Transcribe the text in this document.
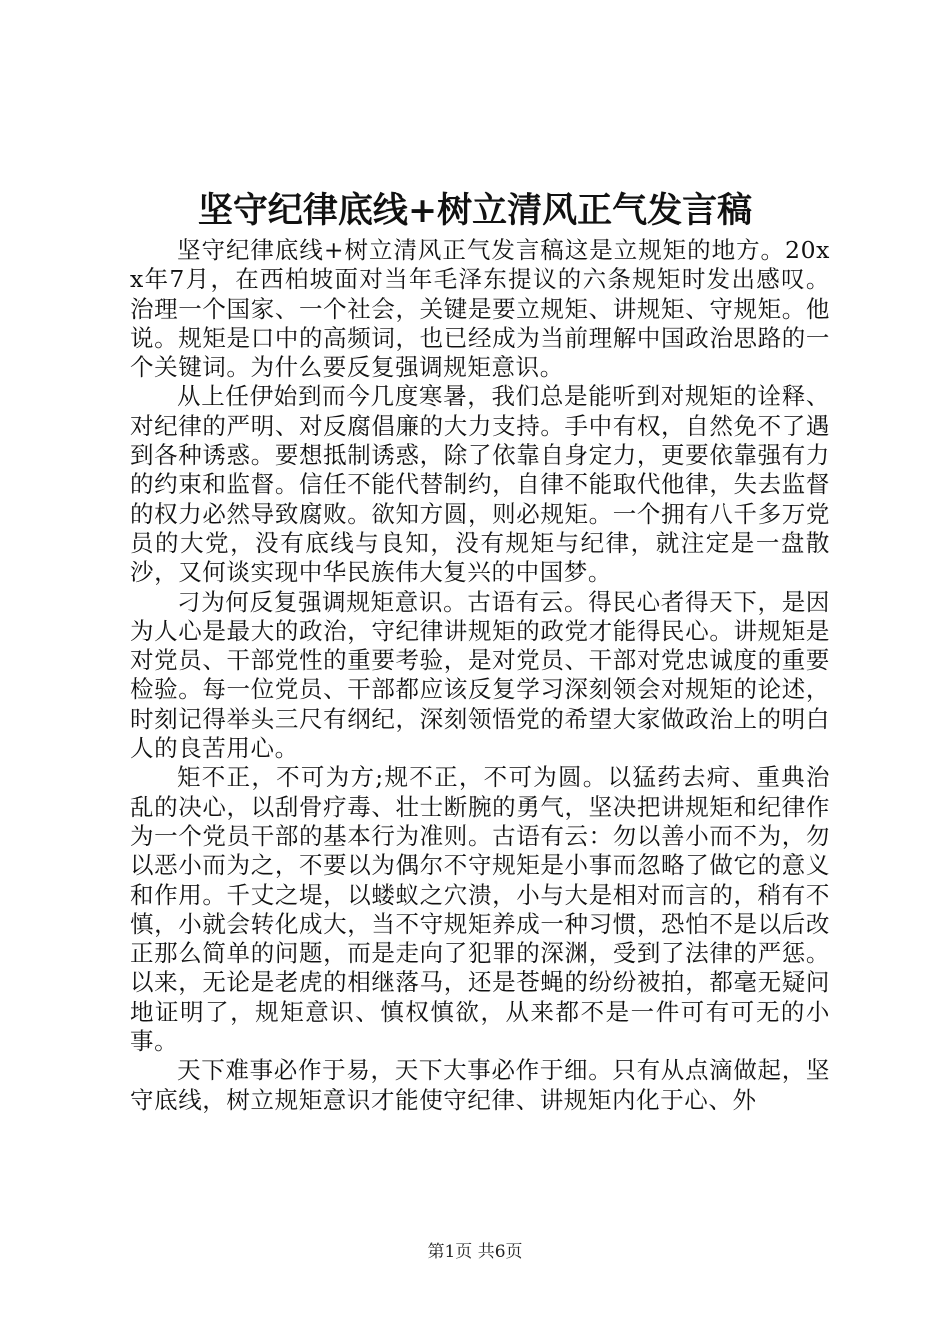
坚守纪律底线+树立清风正气发言稿

坚守纪律底线+树立清风正气发言稿这是立规矩的地方。20xx年7月，在西柏坡面对当年毛泽东提议的六条规矩时发出感叹。治理一个国家、一个社会，关键是要立规矩、讲规矩、守规矩。他说。规矩是口中的高频词，也已经成为当前理解中国政治思路的一个关键词。为什么要反复强调规矩意识。

从上任伊始到而今几度寒暑，我们总是能听到对规矩的诠释、对纪律的严明、对反腐倡廉的大力支持。手中有权，自然免不了遇到各种诱惑。要想抵制诱惑，除了依靠自身定力，更要依靠强有力的约束和监督。信任不能代替制约，自律不能取代他律，失去监督的权力必然导致腐败。欲知方圆，则必规矩。一个拥有八千多万党员的大党，没有底线与良知，没有规矩与纪律，就注定是一盘散沙，又何谈实现中华民族伟大复兴的中国梦。

刁为何反复强调规矩意识。古语有云。得民心者得天下，是因为人心是最大的政治，守纪律讲规矩的政党才能得民心。讲规矩是对党员、干部党性的重要考验，是对党员、干部对党忠诚度的重要检验。每一位党员、干部都应该反复学习深刻领会对规矩的论述，时刻记得举头三尺有纲纪，深刻领悟党的希望大家做政治上的明白人的良苦用心。

矩不正，不可为方;规不正，不可为圆。以猛药去疴、重典治乱的决心，以刮骨疗毒、壮士断腕的勇气，坚决把讲规矩和纪律作为一个党员干部的基本行为准则。古语有云：勿以善小而不为，勿以恶小而为之，不要以为偶尔不守规矩是小事而忽略了做它的意义和作用。千丈之堤，以蝼蚁之穴溃，小与大是相对而言的，稍有不慎，小就会转化成大，当不守规矩养成一种习惯，恐怕不是以后改正那么简单的问题，而是走向了犯罪的深渊，受到了法律的严惩。以来，无论是老虎的相继落马，还是苍蝇的纷纷被拍，都毫无疑问地证明了，规矩意识、慎权慎欲，从来都不是一件可有可无的小事。

天下难事必作于易，天下大事必作于细。只有从点滴做起，坚守底线，树立规矩意识才能使守纪律、讲规矩内化于心、外

第1页 共6页
